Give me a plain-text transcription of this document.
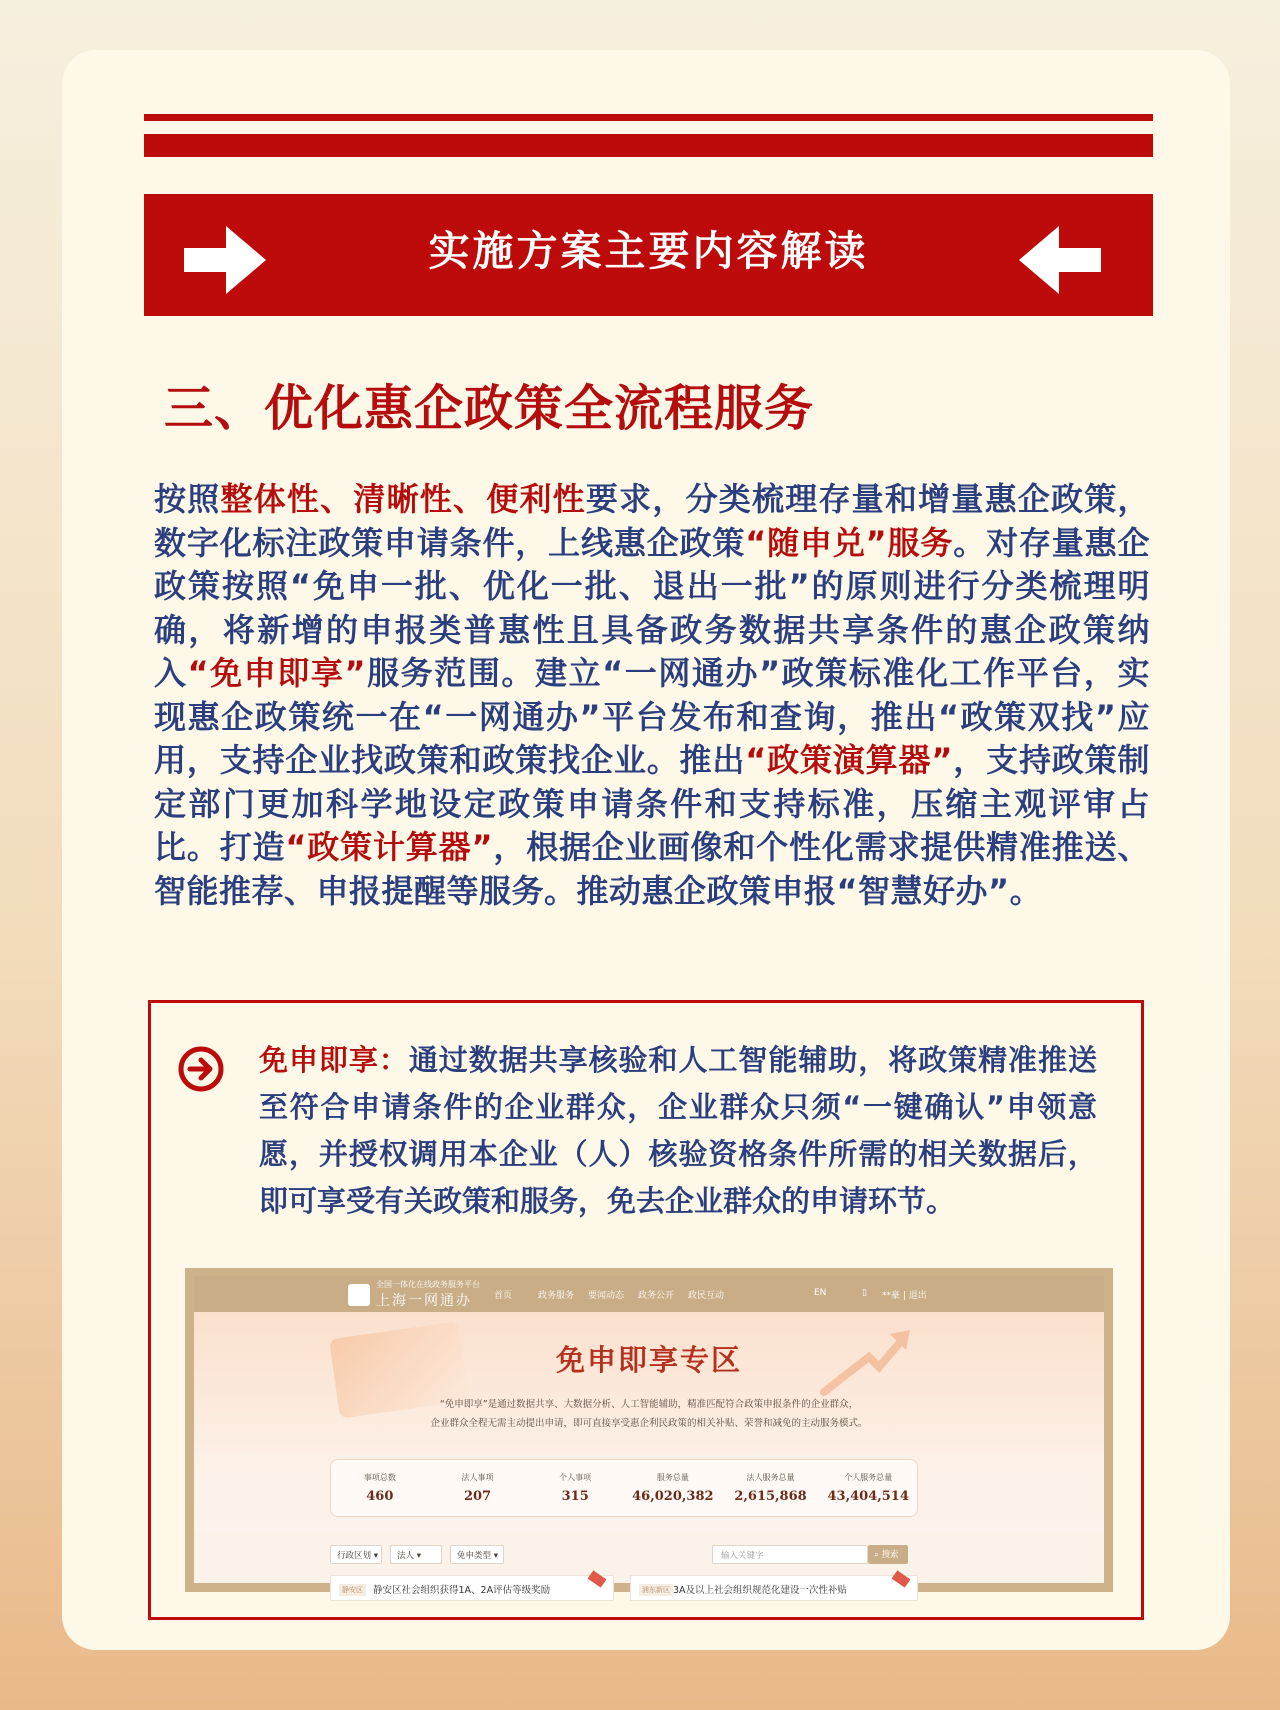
实施方案主要内容解读
三、优化惠企政策全流程服务
按照整体性、清晰性、便利性要求，分类梳理存量和增量惠企政策，数字化标注政策申请条件，上线惠企政策“随申兑”服务。对存量惠企政策按照“免申一批、优化一批、退出一批”的原则进行分类梳理明确，将新增的申报类普惠性且具备政务数据共享条件的惠企政策纳入“免申即享”服务范围。建立“一网通办”政策标准化工作平台，实现惠企政策统一在“一网通办”平台发布和查询，推出“政策双找”应用，支持企业找政策和政策找企业。推出“政策演算器”，支持政策制定部门更加科学地设定政策申请条件和支持标准，压缩主观评审占比。打造“政策计算器”，根据企业画像和个性化需求提供精准推送、智能推荐、申报提醒等服务。推动惠企政策申报“智慧好办”。
免申即享：通过数据共享核验和人工智能辅助，将政策精准推送至符合申请条件的企业群众，企业群众只须“一键确认”申领意愿，并授权调用本企业（人）核验资格条件所需的相关数据后，即可享受有关政策和服务，免去企业群众的申请环节。
全国一体化在线政务服务平台
上海一网通办 首页	政务服务 要闻动态 政务公开 政民互动	EN	▯ **豪 | 退出
免申即享专区
“免申即享”是通过数据共享、大数据分析、人工智能辅助，精准匹配符合政策申报条件的企业群众，
企业群众全程无需主动提出申请，即可直接享受惠企利民政策的相关补贴、荣誉和减免的主动服务模式。
事项总数
460
法人事项
207
个人事项
315
服务总量
46,020,382
法人服务总量
2,615,868
个人服务总量
43,404,514
行政区划 ▾	法人 ▾	免申类型 ▾	输入关键字	⌕ 搜索
静安区	静安区社会组织获得1A、2A评估等级奖励	浦东新区 3A及以上社会组织规范化建设一次性补贴
